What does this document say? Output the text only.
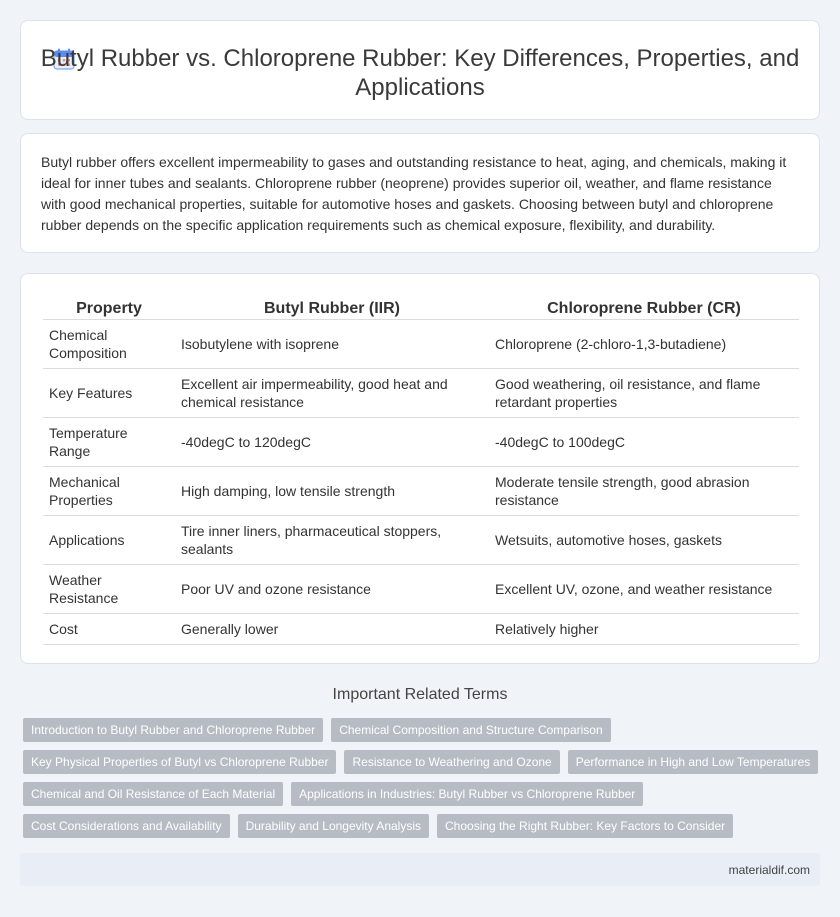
Butyl Rubber vs. Chloroprene Rubber: Key Differences, Properties, and Applications

Butyl rubber offers excellent impermeability to gases and outstanding resistance to heat, aging, and chemicals, making it ideal for inner tubes and sealants. Chloroprene rubber (neoprene) provides superior oil, weather, and flame resistance with good mechanical properties, suitable for automotive hoses and gaskets. Choosing between butyl and chloroprene rubber depends on the specific application requirements such as chemical exposure, flexibility, and durability.

Property	Butyl Rubber (IIR)	Chloroprene Rubber (CR)
Chemical Composition	Isobutylene with isoprene	Chloroprene (2-chloro-1,3-butadiene)
Key Features	Excellent air impermeability, good heat and chemical resistance	Good weathering, oil resistance, and flame retardant properties
Temperature Range	-40degC to 120degC	-40degC to 100degC
Mechanical Properties	High damping, low tensile strength	Moderate tensile strength, good abrasion resistance
Applications	Tire inner liners, pharmaceutical stoppers, sealants	Wetsuits, automotive hoses, gaskets
Weather Resistance	Poor UV and ozone resistance	Excellent UV, ozone, and weather resistance
Cost	Generally lower	Relatively higher
Important Related Terms
Introduction to Butyl Rubber and Chloroprene Rubber	Chemical Composition and Structure Comparison
Key Physical Properties of Butyl vs Chloroprene Rubber	Resistance to Weathering and Ozone	Performance in High and Low Temperatures
Chemical and Oil Resistance of Each Material	Applications in Industries: Butyl Rubber vs Chloroprene Rubber
Cost Considerations and Availability	Durability and Longevity Analysis	Choosing the Right Rubber: Key Factors to Consider
materialdif.com
